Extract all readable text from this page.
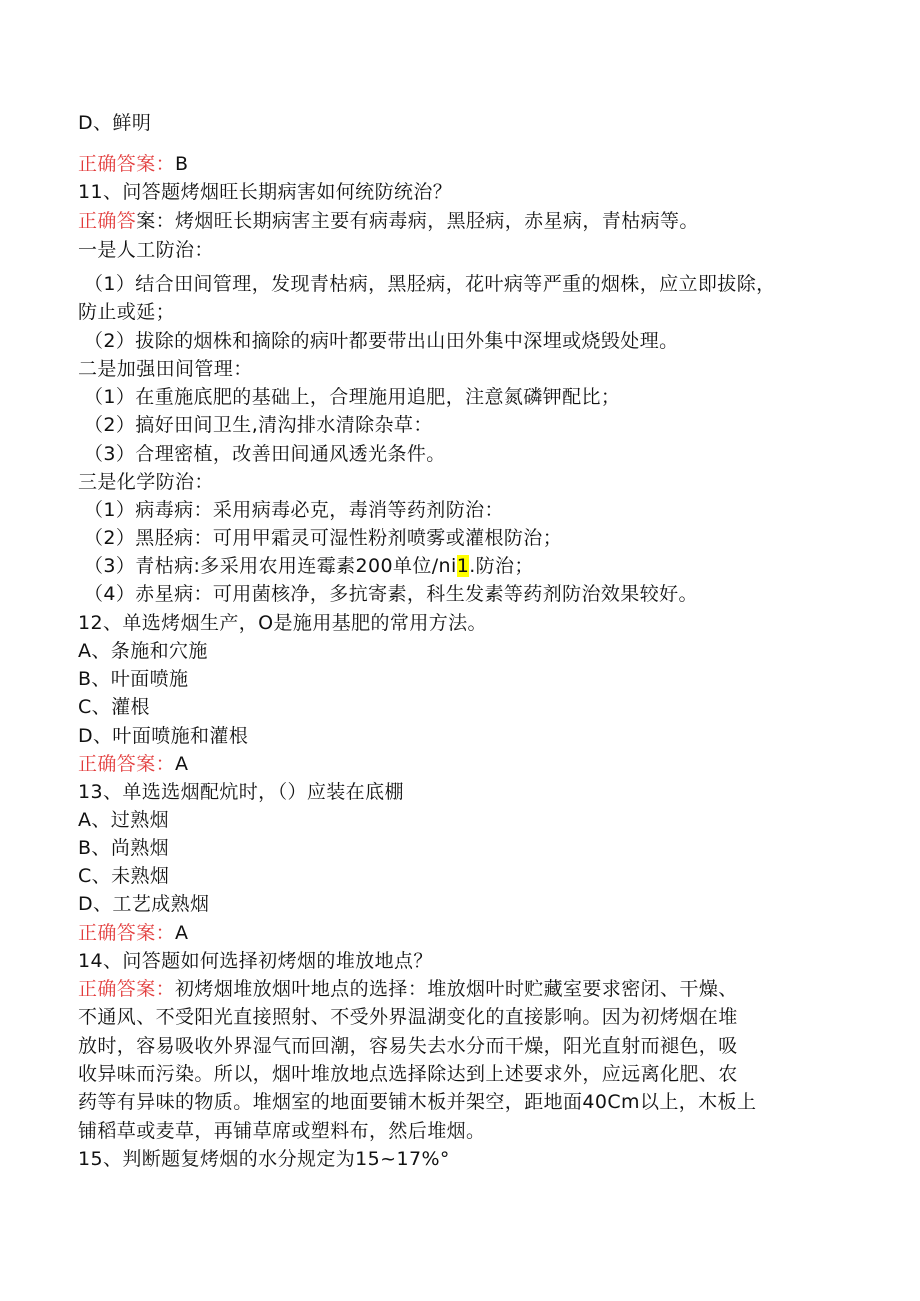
D、鲜明

正确答案：B

11、问答题烤烟旺长期病害如何统防统治？

正确答案：烤烟旺长期病害主要有病毒病，黑胫病，赤星病，青枯病等。

一是人工防治：

（1）结合田间管理，发现青枯病，黑胫病，花叶病等严重的烟株，应立即拔除，

防止或延；

（2）拔除的烟株和摘除的病叶都要带出山田外集中深埋或烧毁处理。

二是加强田间管理：

（1）在重施底肥的基础上，合理施用追肥，注意氮磷钾配比；

（2）搞好田间卫生,清沟排水清除杂草：

（3）合理密植，改善田间通风透光条件。

三是化学防治：

（1）病毒病：采用病毒必克，毒消等药剂防治：

（2）黑胫病：可用甲霜灵可湿性粉剂喷雾或灌根防治；

（3）青枯病:多采用农用连霉素200单位/ni1.防治；

（4）赤星病：可用菌核净，多抗寄素，科生发素等药剂防治效果较好。

12、单选烤烟生产，O是施用基肥的常用方法。

A、条施和穴施

B、叶面喷施

C、灌根

D、叶面喷施和灌根

正确答案：A

13、单选选烟配炕时，（）应装在底棚

A、过熟烟

B、尚熟烟

C、未熟烟

D、工艺成熟烟

正确答案：A

14、问答题如何选择初烤烟的堆放地点？

正确答案：初烤烟堆放烟叶地点的选择：堆放烟叶时贮藏室要求密闭、干燥、

不通风、不受阳光直接照射、不受外界温湖变化的直接影响。因为初烤烟在堆

放时，容易吸收外界湿气而回潮，容易失去水分而干燥，阳光直射而褪色，吸

收异味而污染。所以，烟叶堆放地点选择除达到上述要求外，应远离化肥、农

药等有异味的物质。堆烟室的地面要铺木板并架空，距地面40Cm以上，木板上

铺稻草或麦草，再铺草席或塑料布，然后堆烟。

15、判断题复烤烟的水分规定为15~17%°
